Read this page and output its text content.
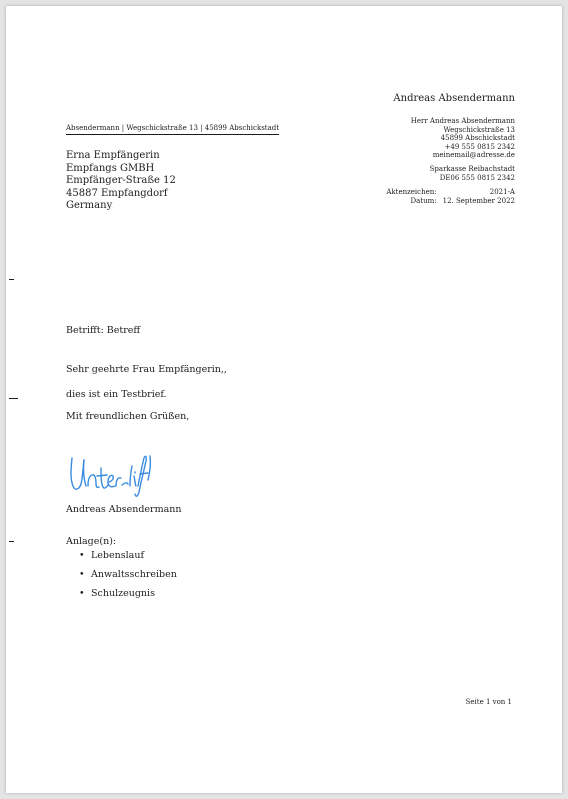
Andreas Absendermann
Absendermann | Wegschickstraße 13 | 45899 Abschickstadt
Erna Empfängerin
Empfangs GMBH
Empfänger-Straße 12
45887 Empfangdorf
Germany
Herr Andreas Absendermann
Wegschickstraße 13
45899 Abschickstadt
+49 555 0815 2342
meinemail@adresse.de
Sparkasse Reibachstadt
DE06 555 0815 2342
Aktenzeichen:	2021-A
Datum:	12. September 2022
Betrifft: Betreff
Sehr geehrte Frau Empfängerin,,
dies ist ein Testbrief.
Mit freundlichen Grüßen,
Andreas Absendermann
Anlage(n):
• Lebenslauf
• Anwaltsschreiben
• Schulzeugnis
Seite 1 von 1
